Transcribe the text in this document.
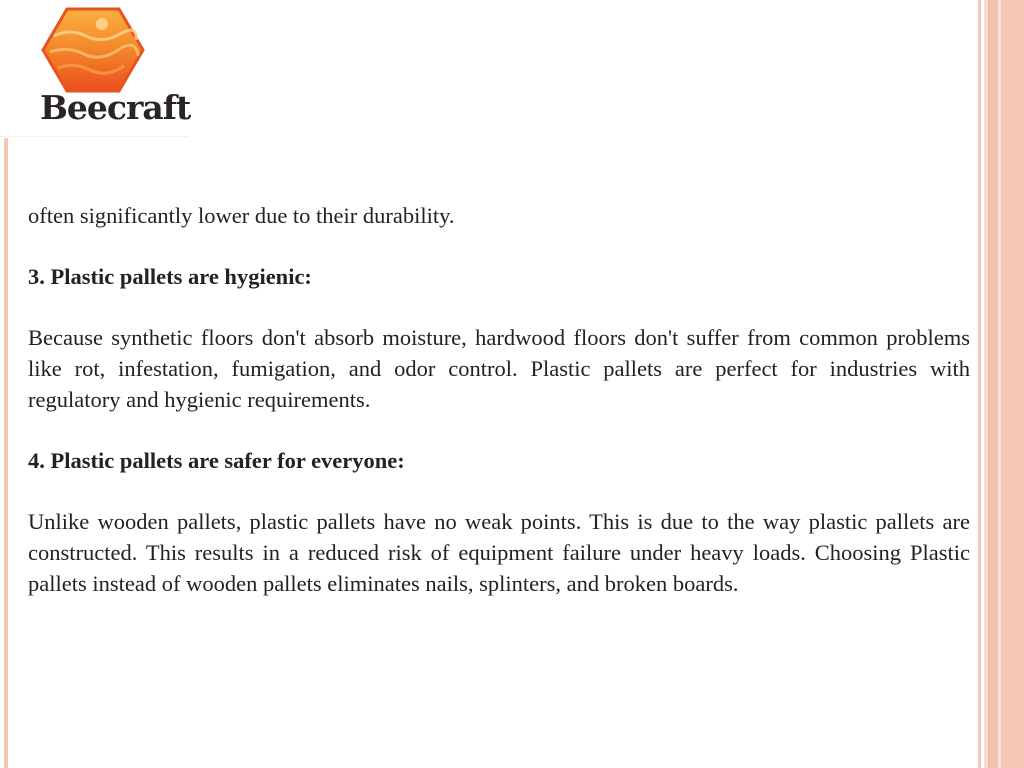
Beecraft

often significantly lower due to their durability.

3. Plastic pallets are hygienic:

Because synthetic floors don't absorb moisture, hardwood floors don't suffer from common problems like rot, infestation, fumigation, and odor control. Plastic pallets are perfect for industries with regulatory and hygienic requirements.

4. Plastic pallets are safer for everyone:

Unlike wooden pallets, plastic pallets have no weak points. This is due to the way plastic pallets are constructed. This results in a reduced risk of equipment failure under heavy loads. Choosing Plastic pallets instead of wooden pallets eliminates nails, splinters, and broken boards.
